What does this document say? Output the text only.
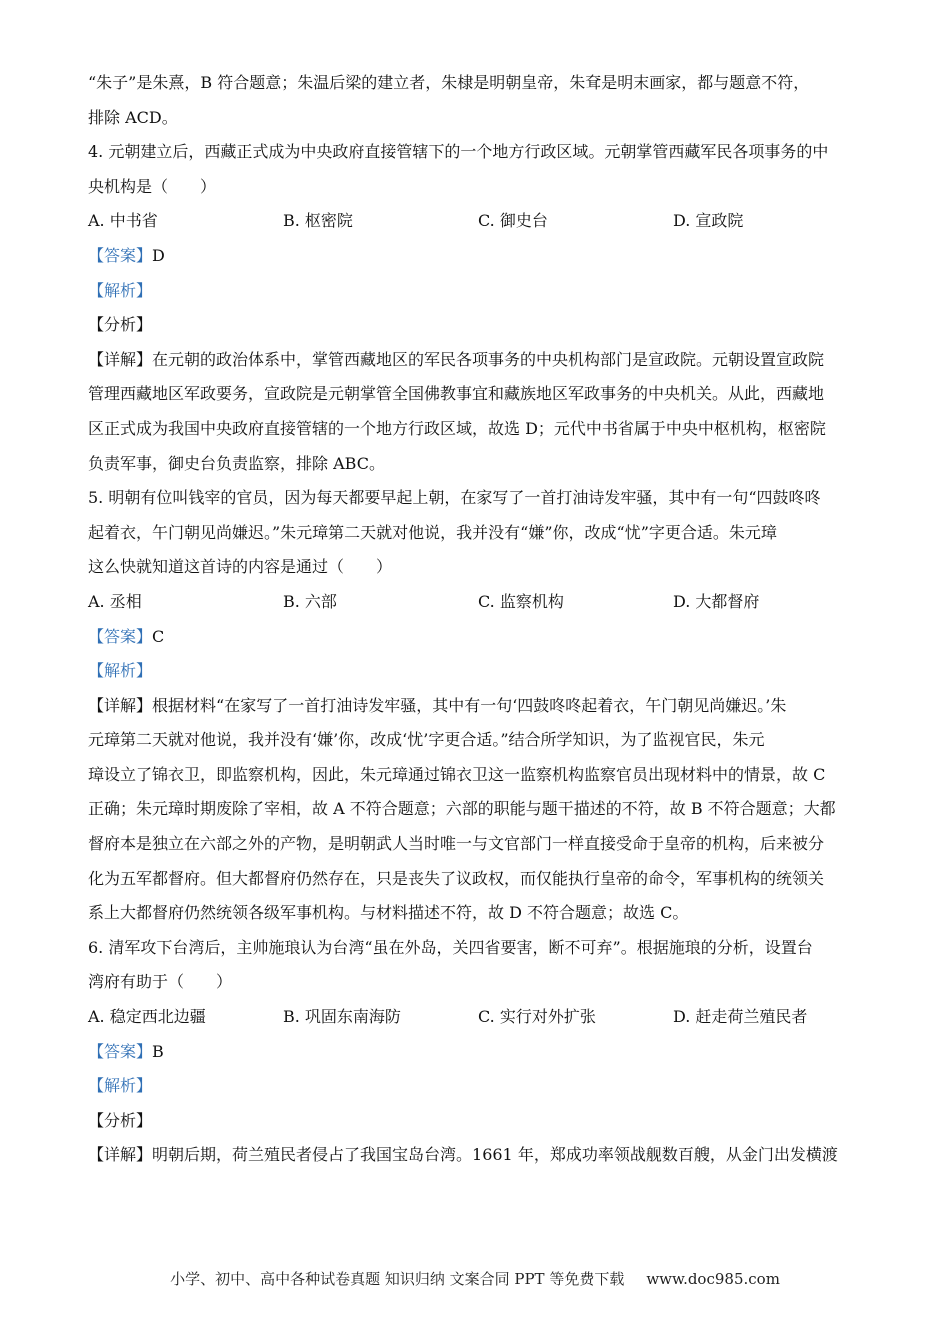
“朱子”是朱熹，B 符合题意；朱温后梁的建立者，朱棣是明朝皇帝，朱耷是明末画家，都与题意不符，
排除 ACD。
4. 元朝建立后，西藏正式成为中央政府直接管辖下的一个地方行政区域。元朝掌管西藏军民各项事务的中
央机构是（　　）
A. 中书省	B. 枢密院	C. 御史台	D. 宣政院
【答案】D
【解析】
【分析】
【详解】在元朝的政治体系中，掌管西藏地区的军民各项事务的中央机构部门是宣政院。元朝设置宣政院
管理西藏地区军政要务，宣政院是元朝掌管全国佛教事宜和藏族地区军政事务的中央机关。从此，西藏地
区正式成为我国中央政府直接管辖的一个地方行政区域，故选 D；元代中书省属于中央中枢机构，枢密院
负责军事，御史台负责监察，排除 ABC。
5. 明朝有位叫钱宰的官员，因为每天都要早起上朝，在家写了一首打油诗发牢骚，其中有一句“四鼓咚咚
起着衣，午门朝见尚嫌迟。”朱元璋第二天就对他说，我并没有“嫌”你，改成“忧”字更合适。朱元璋
这么快就知道这首诗的内容是通过（　　）
A. 丞相	B. 六部	C. 监察机构	D. 大都督府
【答案】C
【解析】
【详解】根据材料“在家写了一首打油诗发牢骚，其中有一句‘四鼓咚咚起着衣，午门朝见尚嫌迟。’朱
元璋第二天就对他说，我并没有‘嫌’你，改成‘忧’字更合适。”结合所学知识，为了监视官民，朱元
璋设立了锦衣卫，即监察机构，因此，朱元璋通过锦衣卫这一监察机构监察官员出现材料中的情景，故 C
正确；朱元璋时期废除了宰相，故 A 不符合题意；六部的职能与题干描述的不符，故 B 不符合题意；大都
督府本是独立在六部之外的产物，是明朝武人当时唯一与文官部门一样直接受命于皇帝的机构，后来被分
化为五军都督府。但大都督府仍然存在，只是丧失了议政权，而仅能执行皇帝的命令，军事机构的统领关
系上大都督府仍然统领各级军事机构。与材料描述不符，故 D 不符合题意；故选 C。
6. 清军攻下台湾后，主帅施琅认为台湾“虽在外岛，关四省要害，断不可弃”。根据施琅的分析，设置台
湾府有助于（　　）
A. 稳定西北边疆	B. 巩固东南海防	C. 实行对外扩张	D. 赶走荷兰殖民者
【答案】B
【解析】
【分析】
【详解】明朝后期，荷兰殖民者侵占了我国宝岛台湾。1661 年，郑成功率领战舰数百艘，从金门出发横渡
小学、初中、高中各种试卷真题 知识归纳 文案合同 PPT 等免费下载 www.doc985.com
